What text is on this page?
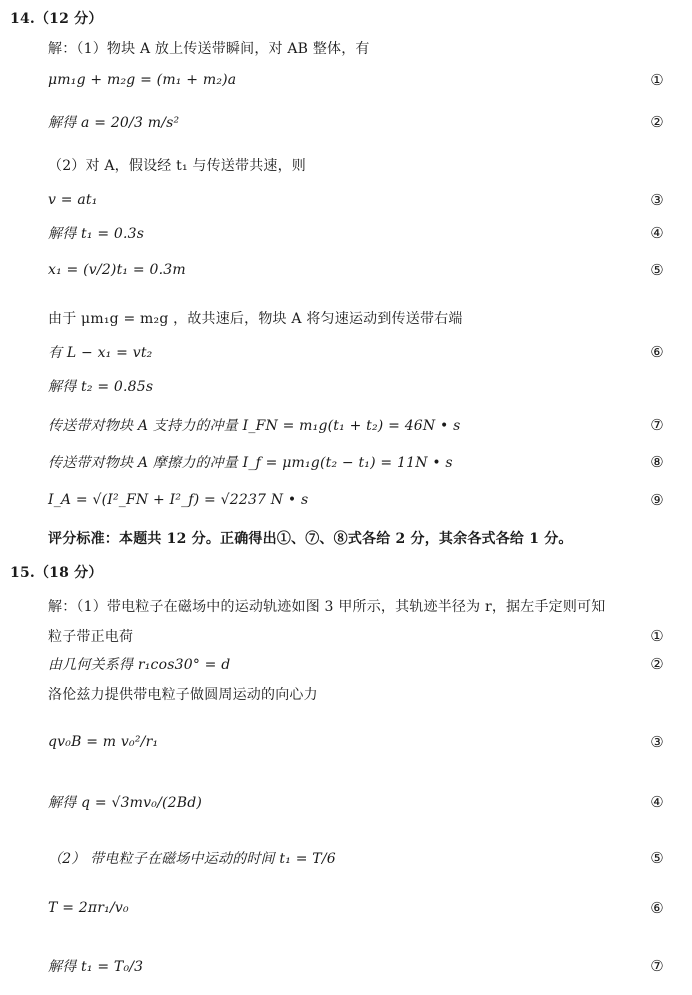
14.（12 分）
解：（1）物块 A 放上传送带瞬间，对 AB 整体，有
μm₁g + m₂g = (m₁ + m₂)a	①
解得 a = 20/3 m/s²	②
（2）对 A，假设经 t₁ 与传送带共速，则
v = at₁	③
解得 t₁ = 0.3s	④
x₁ = (v/2)t₁ = 0.3m	⑤
由于 μm₁g = m₂g ，故共速后，物块 A 将匀速运动到传送带右端
有 L − x₁ = vt₂	⑥
解得 t₂ = 0.85s
传送带对物块 A 支持力的冲量 I_FN = m₁g(t₁ + t₂) = 46N • s	⑦
传送带对物块 A 摩擦力的冲量 I_f = μm₁g(t₂ − t₁) = 11N • s	⑧
I_A = √(I²_FN + I²_f) = √2237 N • s	⑨
评分标准：本题共 12 分。正确得出①、⑦、⑧式各给 2 分，其余各式各给 1 分。
15.（18 分）
解：（1）带电粒子在磁场中的运动轨迹如图 3 甲所示，其轨迹半径为 r，据左手定则可知
粒子带正电荷	①
由几何关系得 r₁cos30° = d	②
洛伦兹力提供带电粒子做圆周运动的向心力
qv₀B = m v₀²/r₁	③
解得 q = √3mv₀/(2Bd)	④
（2） 带电粒子在磁场中运动的时间 t₁ = T/6	⑤
T = 2πr₁/v₀	⑥
解得 t₁ = T₀/3	⑦
